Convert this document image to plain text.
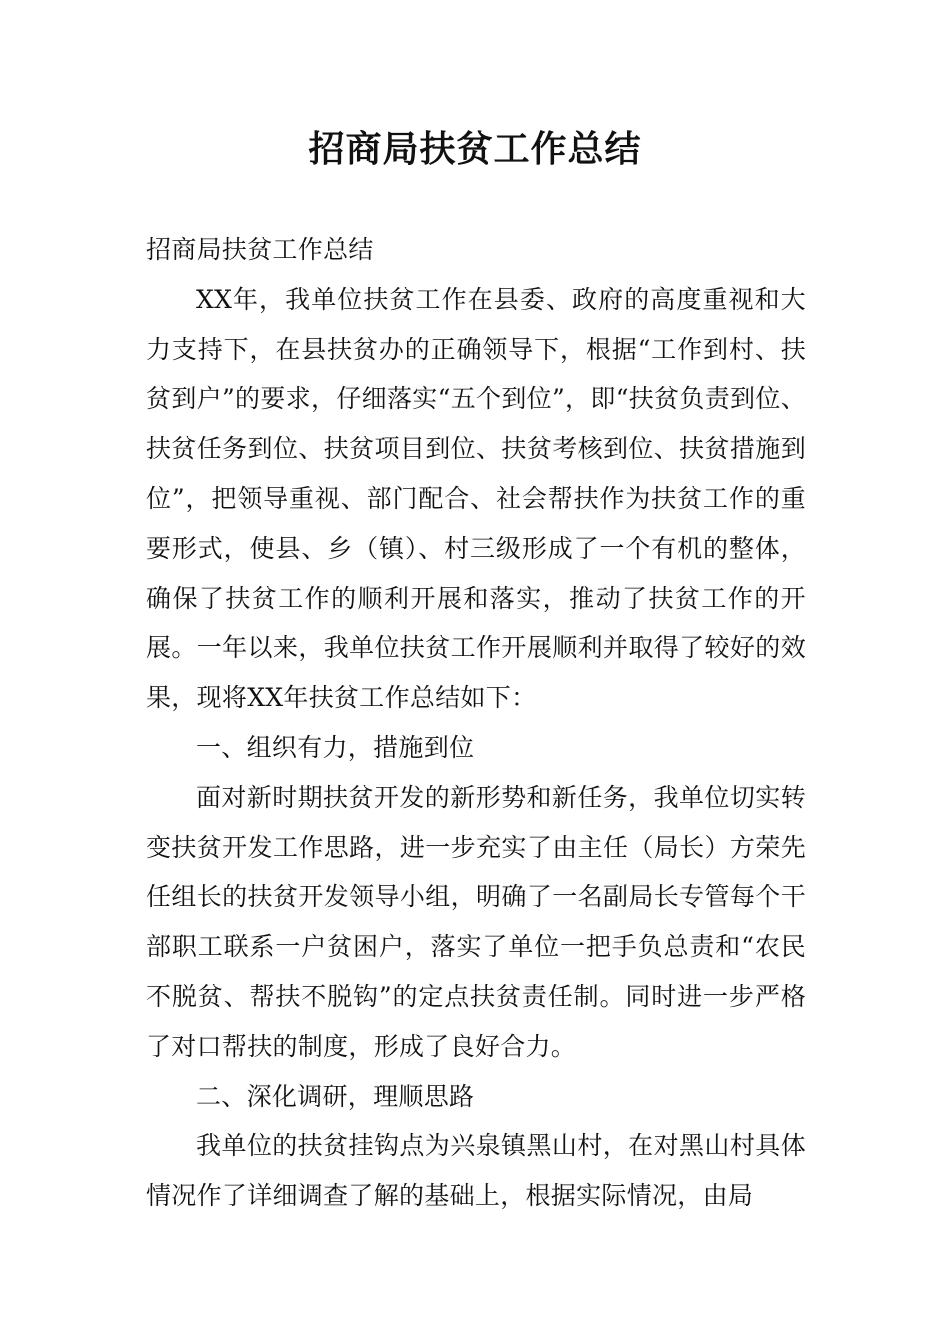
招商局扶贫工作总结

招商局扶贫工作总结

XX年，我单位扶贫工作在县委、政府的高度重视和大力支持下，在县扶贫办的正确领导下，根据“工作到村、扶贫到户”的要求，仔细落实“五个到位”，即“扶贫负责到位、扶贫任务到位、扶贫项目到位、扶贫考核到位、扶贫措施到位”，把领导重视、部门配合、社会帮扶作为扶贫工作的重要形式，使县、乡（镇）、村三级形成了一个有机的整体，确保了扶贫工作的顺利开展和落实，推动了扶贫工作的开展。一年以来，我单位扶贫工作开展顺利并取得了较好的效果，现将XX年扶贫工作总结如下：

一、组织有力，措施到位

面对新时期扶贫开发的新形势和新任务，我单位切实转变扶贫开发工作思路，进一步充实了由主任（局长）方荣先任组长的扶贫开发领导小组，明确了一名副局长专管每个干部职工联系一户贫困户，落实了单位一把手负总责和“农民不脱贫、帮扶不脱钩”的定点扶贫责任制。同时进一步严格了对口帮扶的制度，形成了良好合力。

二、深化调研，理顺思路

我单位的扶贫挂钩点为兴泉镇黑山村，在对黑山村具体情况作了详细调查了解的基础上，根据实际情况，由局
